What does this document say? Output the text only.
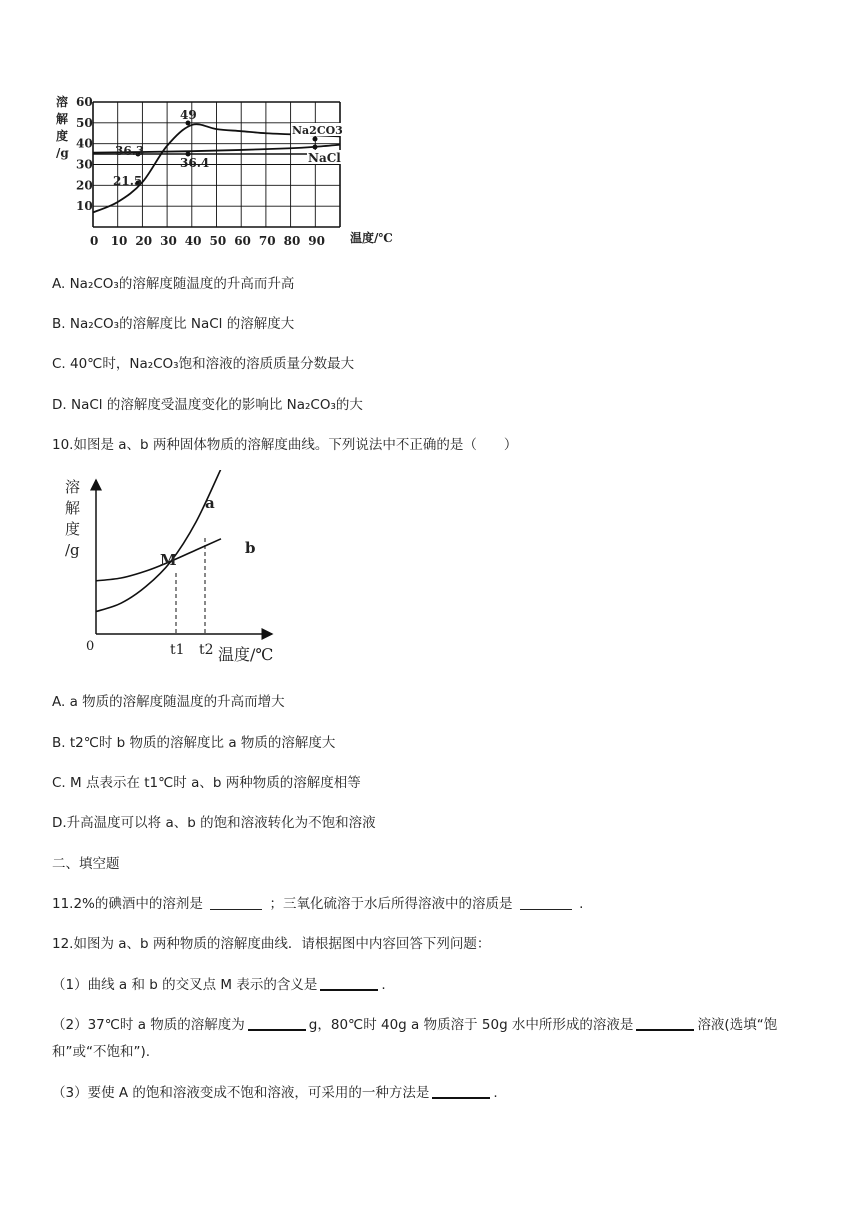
溶
解
度
/g
60
50
40
30
20
10
0 10 20 30 40 50 60 70 80 90
49
36.3
36.4
21.5
Na2CO3
NaCl
温度/℃
A. Na₂CO₃的溶解度随温度的升高而升高
B. Na₂CO₃的溶解度比 NaCl 的溶解度大
C. 40℃时，Na₂CO₃饱和溶液的溶质质量分数最大
D. NaCl 的溶解度受温度变化的影响比 Na₂CO₃的大
10.如图是 a、b 两种固体物质的溶解度曲线。下列说法中不正确的是（　　）
溶
解
度
/g
0
a
b
M
t1 t2 温度/℃
A. a 物质的溶解度随温度的升高而增大
B. t2℃时 b 物质的溶解度比 a 物质的溶解度大
C. M 点表示在 t1℃时 a、b 两种物质的溶解度相等
D.升高温度可以将 a、b 的饱和溶液转化为不饱和溶液
二、填空题
11.2%的碘酒中的溶剂是	；三氧化硫溶于水后所得溶液中的溶质是	.
12.如图为 a、b 两种物质的溶解度曲线．请根据图中内容回答下列问题：
（1）曲线 a 和 b 的交叉点 M 表示的含义是	.
（2）37℃时 a 物质的溶解度为	g，80℃时 40g a 物质溶于 50g 水中所形成的溶液是	溶液(选填“饱
和”或“不饱和”).
（3）要使 A 的饱和溶液变成不饱和溶液，可采用的一种方法是	.
